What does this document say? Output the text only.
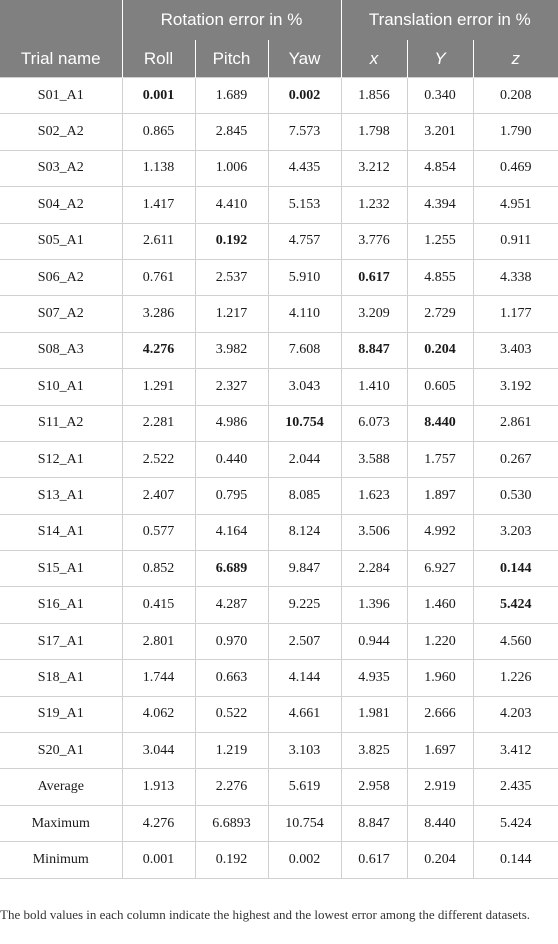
	Rotation error in %			Translation error in %		
Trial name	Roll	Pitch	Yaw	x	Y	z
S01_A1	0.001	1.689	0.002	1.856	0.340	0.208
S02_A2	0.865	2.845	7.573	1.798	3.201	1.790
S03_A2	1.138	1.006	4.435	3.212	4.854	0.469
S04_A2	1.417	4.410	5.153	1.232	4.394	4.951
S05_A1	2.611	0.192	4.757	3.776	1.255	0.911
S06_A2	0.761	2.537	5.910	0.617	4.855	4.338
S07_A2	3.286	1.217	4.110	3.209	2.729	1.177
S08_A3	4.276	3.982	7.608	8.847	0.204	3.403
S10_A1	1.291	2.327	3.043	1.410	0.605	3.192
S11_A2	2.281	4.986	10.754	6.073	8.440	2.861
S12_A1	2.522	0.440	2.044	3.588	1.757	0.267
S13_A1	2.407	0.795	8.085	1.623	1.897	0.530
S14_A1	0.577	4.164	8.124	3.506	4.992	3.203
S15_A1	0.852	6.689	9.847	2.284	6.927	0.144
S16_A1	0.415	4.287	9.225	1.396	1.460	5.424
S17_A1	2.801	0.970	2.507	0.944	1.220	4.560
S18_A1	1.744	0.663	4.144	4.935	1.960	1.226
S19_A1	4.062	0.522	4.661	1.981	2.666	4.203
S20_A1	3.044	1.219	3.103	3.825	1.697	3.412
Average	1.913	2.276	5.619	2.958	2.919	2.435
Maximum	4.276	6.6893	10.754	8.847	8.440	5.424
Minimum	0.001	0.192	0.002	0.617	0.204	0.144
The bold values in each column indicate the highest and the lowest error among the different datasets.
